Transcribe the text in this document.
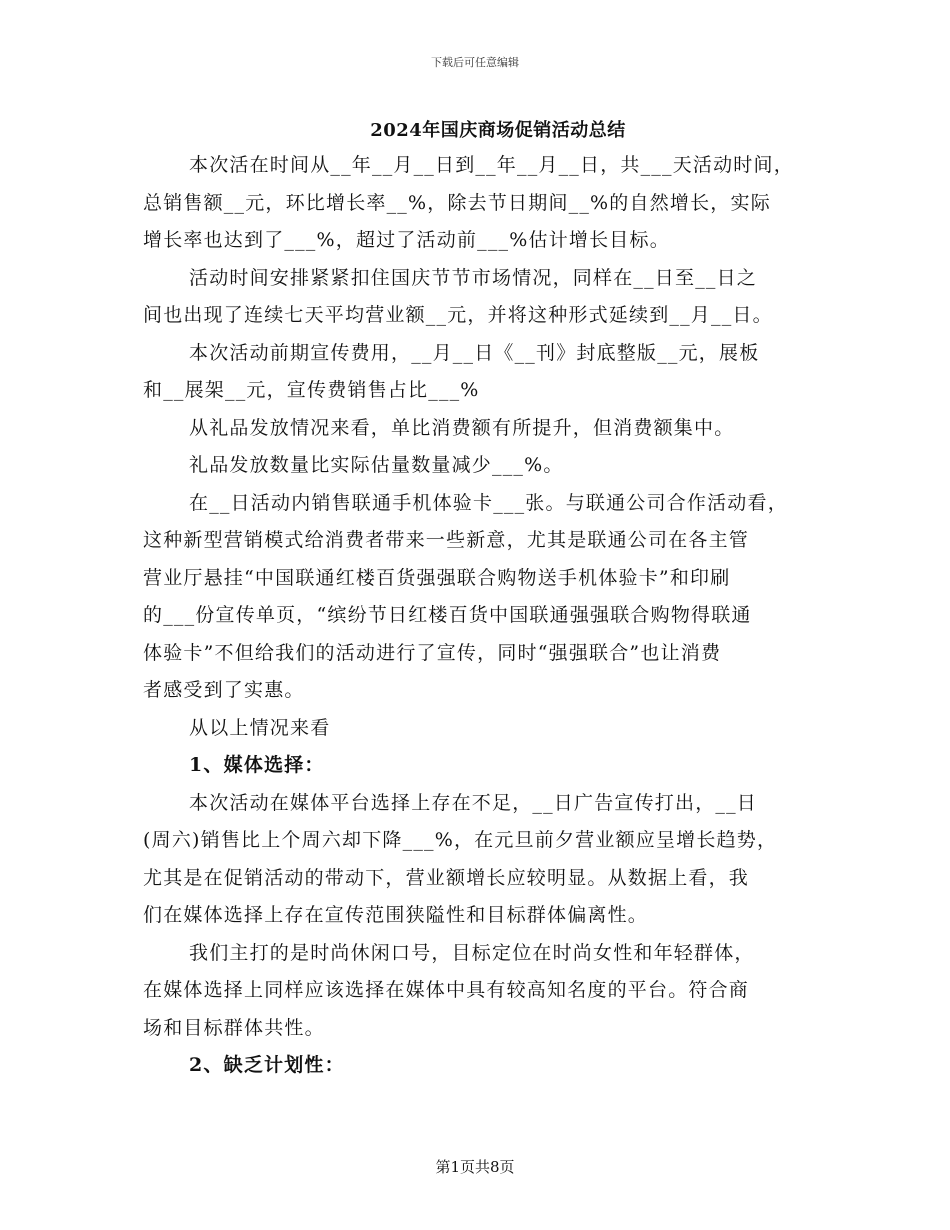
下载后可任意编辑
2024年国庆商场促销活动总结
本次活在时间从__年__月__日到__年__月__日，共___天活动时间，
总销售额__元，环比增长率__%，除去节日期间__%的自然增长，实际
增长率也达到了___%，超过了活动前___%估计增长目标。
活动时间安排紧紧扣住国庆节节市场情况，同样在__日至__日之
间也出现了连续七天平均营业额__元，并将这种形式延续到__月__日。
本次活动前期宣传费用，__月__日《__刊》封底整版__元，展板
和__展架__元，宣传费销售占比___%
从礼品发放情况来看，单比消费额有所提升，但消费额集中。
礼品发放数量比实际估量数量减少___%。
在__日活动内销售联通手机体验卡___张。与联通公司合作活动看，
这种新型营销模式给消费者带来一些新意，尤其是联通公司在各主管
营业厅悬挂“中国联通红楼百货强强联合购物送手机体验卡”和印刷
的___份宣传单页，“缤纷节日红楼百货中国联通强强联合购物得联通
体验卡”不但给我们的活动进行了宣传，同时“强强联合”也让消费
者感受到了实惠。
从以上情况来看
1、媒体选择：
本次活动在媒体平台选择上存在不足，__日广告宣传打出，__日
(周六)销售比上个周六却下降___%，在元旦前夕营业额应呈增长趋势，
尤其是在促销活动的带动下，营业额增长应较明显。从数据上看，我
们在媒体选择上存在宣传范围狭隘性和目标群体偏离性。
我们主打的是时尚休闲口号，目标定位在时尚女性和年轻群体，
在媒体选择上同样应该选择在媒体中具有较高知名度的平台。符合商
场和目标群体共性。
2、缺乏计划性：
第1页共8页
